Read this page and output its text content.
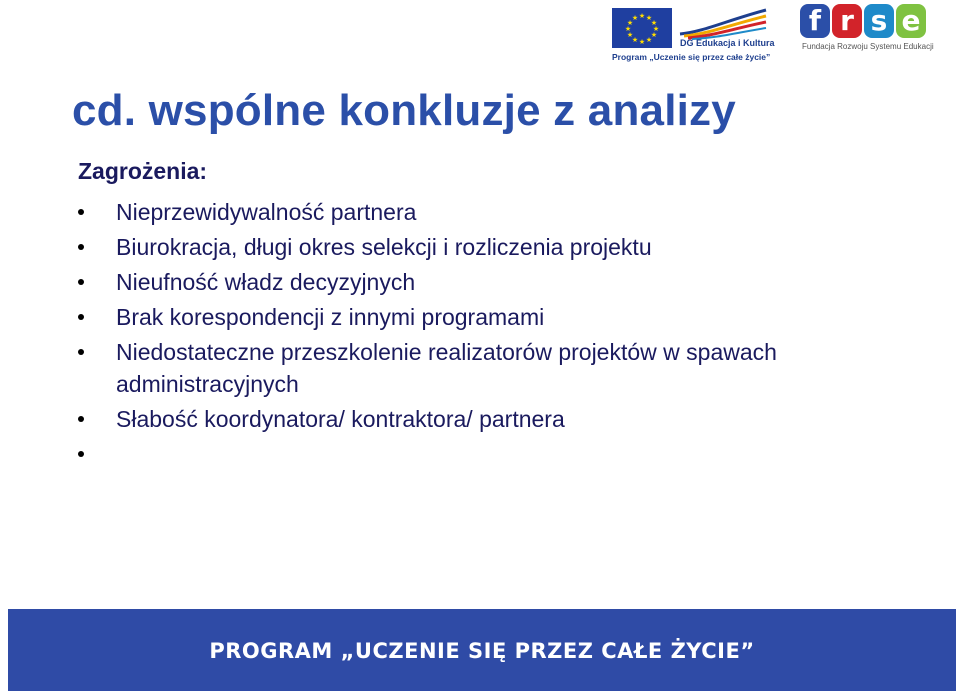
★ ★
★
★
★
★
★
★
★
★
★
★
DG Edukacja i Kultura
Program „Uczenie się przez całe życie”
f r s e
Fundacja Rozwoju Systemu Edukacji
cd. wspólne konkluzje z analizy
Zagrożenia:
Nieprzewidywalność partnera
Biurokracja, długi okres selekcji i rozliczenia projektu
Nieufność władz decyzyjnych
Brak korespondencji z innymi programami
Niedostateczne przeszkolenie realizatorów projektów w spawach administracyjnych
Słabość koordynatora/ kontraktora/ partnera

PROGRAM „UCZENIE SIĘ PRZEZ CAŁE ŻYCIE”
